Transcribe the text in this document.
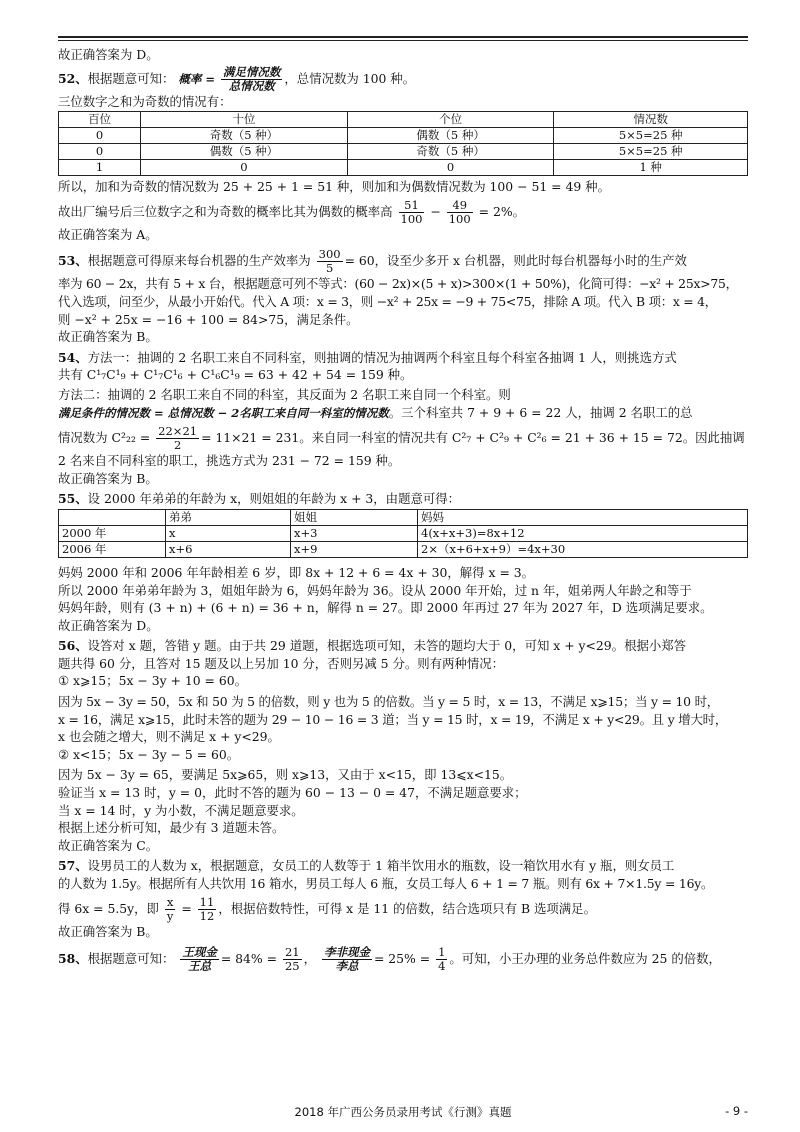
故正确答案为 D。

52、根据题意可知： 概率 = $\frac{\text{满足情况数}}{\text{总情况数}}$ ，总情况数为 100 种。

三位数字之和为奇数的情况有：

百位	十位	个位	情况数
0	奇数（5 种）	偶数（5 种）	5×5=25 种
0	偶数（5 种）	奇数（5 种）	5×5=25 种
1	0	0	1 种

所以，加和为奇数的情况数为 25 + 25 + 1 = 51 种，则加和为偶数情况数为 100 − 51 = 49 种。

故出厂编号后三位数字之和为奇数的概率比其为偶数的概率高 $\frac{51}{100} - \frac{49}{100} = 2\%$。

故正确答案为 A。

53、根据题意可得原来每台机器的生产效率为 $\frac{300}{5} = 60$，设至少多开 x 台机器，则此时每台机器每小时的生产效

率为 60 − 2x，共有 5 + x 台，根据题意可列不等式：(60 − 2x)×(5 + x)>300×(1 + 50%)，化简可得：−x² + 25x>75，

代入选项，问至少，从最小开始代。代入 A 项：x = 3，则 −x² + 25x = −9 + 75<75，排除 A 项。代入 B 项：x = 4，

则 −x² + 25x = −16 + 100 = 84>75，满足条件。

故正确答案为 B。

54、方法一：抽调的 2 名职工来自不同科室，则抽调的情况为抽调两个科室且每个科室各抽调 1 人，则挑选方式

共有 C¹₇C¹₉ + C¹₇C¹₆ + C¹₆C¹₉ = 63 + 42 + 54 = 159 种。

方法二：抽调的 2 名职工来自不同的科室，其反面为 2 名职工来自同一个科室。则

满足条件的情况数 = 总情况数 − 2名职工来自同一科室的情况数。三个科室共 7 + 9 + 6 = 22 人，抽调 2 名职工的总

情况数为 $C^2_{22} = \frac{22\times 21}{2} = 11\times 21 = 231$。来自同一科室的情况共有 C²₇ + C²₉ + C²₆ = 21 + 36 + 15 = 72。因此抽调

2 名来自不同科室的职工，挑选方式为 231 − 72 = 159 种。

故正确答案为 B。

55、设 2000 年弟弟的年龄为 x，则姐姐的年龄为 x + 3，由题意可得：

	弟弟	姐姐	妈妈
2000 年	x	x+3	4(x+x+3)=8x+12
2006 年	x+6	x+9	2×（x+6+x+9）=4x+30

妈妈 2000 年和 2006 年年龄相差 6 岁，即 8x + 12 + 6 = 4x + 30，解得 x = 3。

所以 2000 年弟弟年龄为 3，姐姐年龄为 6，妈妈年龄为 36。设从 2000 年开始，过 n 年，姐弟两人年龄之和等于

妈妈年龄，则有 (3 + n) + (6 + n) = 36 + n，解得 n = 27。即 2000 年再过 27 年为 2027 年，D 选项满足要求。

故正确答案为 D。

56、设答对 x 题，答错 y 题。由于共 29 道题，根据选项可知，未答的题均大于 0，可知 x + y<29。根据小郑答

题共得 60 分，且答对 15 题及以上另加 10 分，否则另减 5 分。则有两种情况：

① x⩾15；5x − 3y + 10 = 60。

因为 5x − 3y = 50，5x 和 50 为 5 的倍数，则 y 也为 5 的倍数。当 y = 5 时，x = 13，不满足 x⩾15；当 y = 10 时，

x = 16，满足 x⩾15，此时未答的题为 29 − 10 − 16 = 3 道；当 y = 15 时，x = 19，不满足 x + y<29。且 y 增大时，

x 也会随之增大，则不满足 x + y<29。

② x<15；5x − 3y − 5 = 60。

因为 5x − 3y = 65，要满足 5x⩾65，则 x⩾13，又由于 x<15，即 13⩽x<15。

验证当 x = 13 时，y = 0，此时不答的题为 60 − 13 − 0 = 47，不满足题意要求；

当 x = 14 时，y 为小数，不满足题意要求。

根据上述分析可知，最少有 3 道题未答。

故正确答案为 C。

57、设男员工的人数为 x，根据题意，女员工的人数等于 1 箱半饮用水的瓶数，设一箱饮用水有 y 瓶，则女员工

的人数为 1.5y。根据所有人共饮用 16 箱水，男员工每人 6 瓶，女员工每人 6 + 1 = 7 瓶。则有 6x + 7×1.5y = 16y。

得 6x = 5.5y，即 $\frac{x}{y} = \frac{11}{12}$ ，根据倍数特性，可得 x 是 11 的倍数，结合选项只有 B 选项满足。

故正确答案为 B。

58、根据题意可知： $\frac{\text{王现金}}{\text{王总}} = 84\% = \frac{21}{25}$ ， $\frac{\text{李非现金}}{\text{李总}} = 25\% = \frac{1}{4}$ 。可知，小王办理的业务总件数应为 25 的倍数，

2018 年广西公务员录用考试《行测》真题	- 9 -
